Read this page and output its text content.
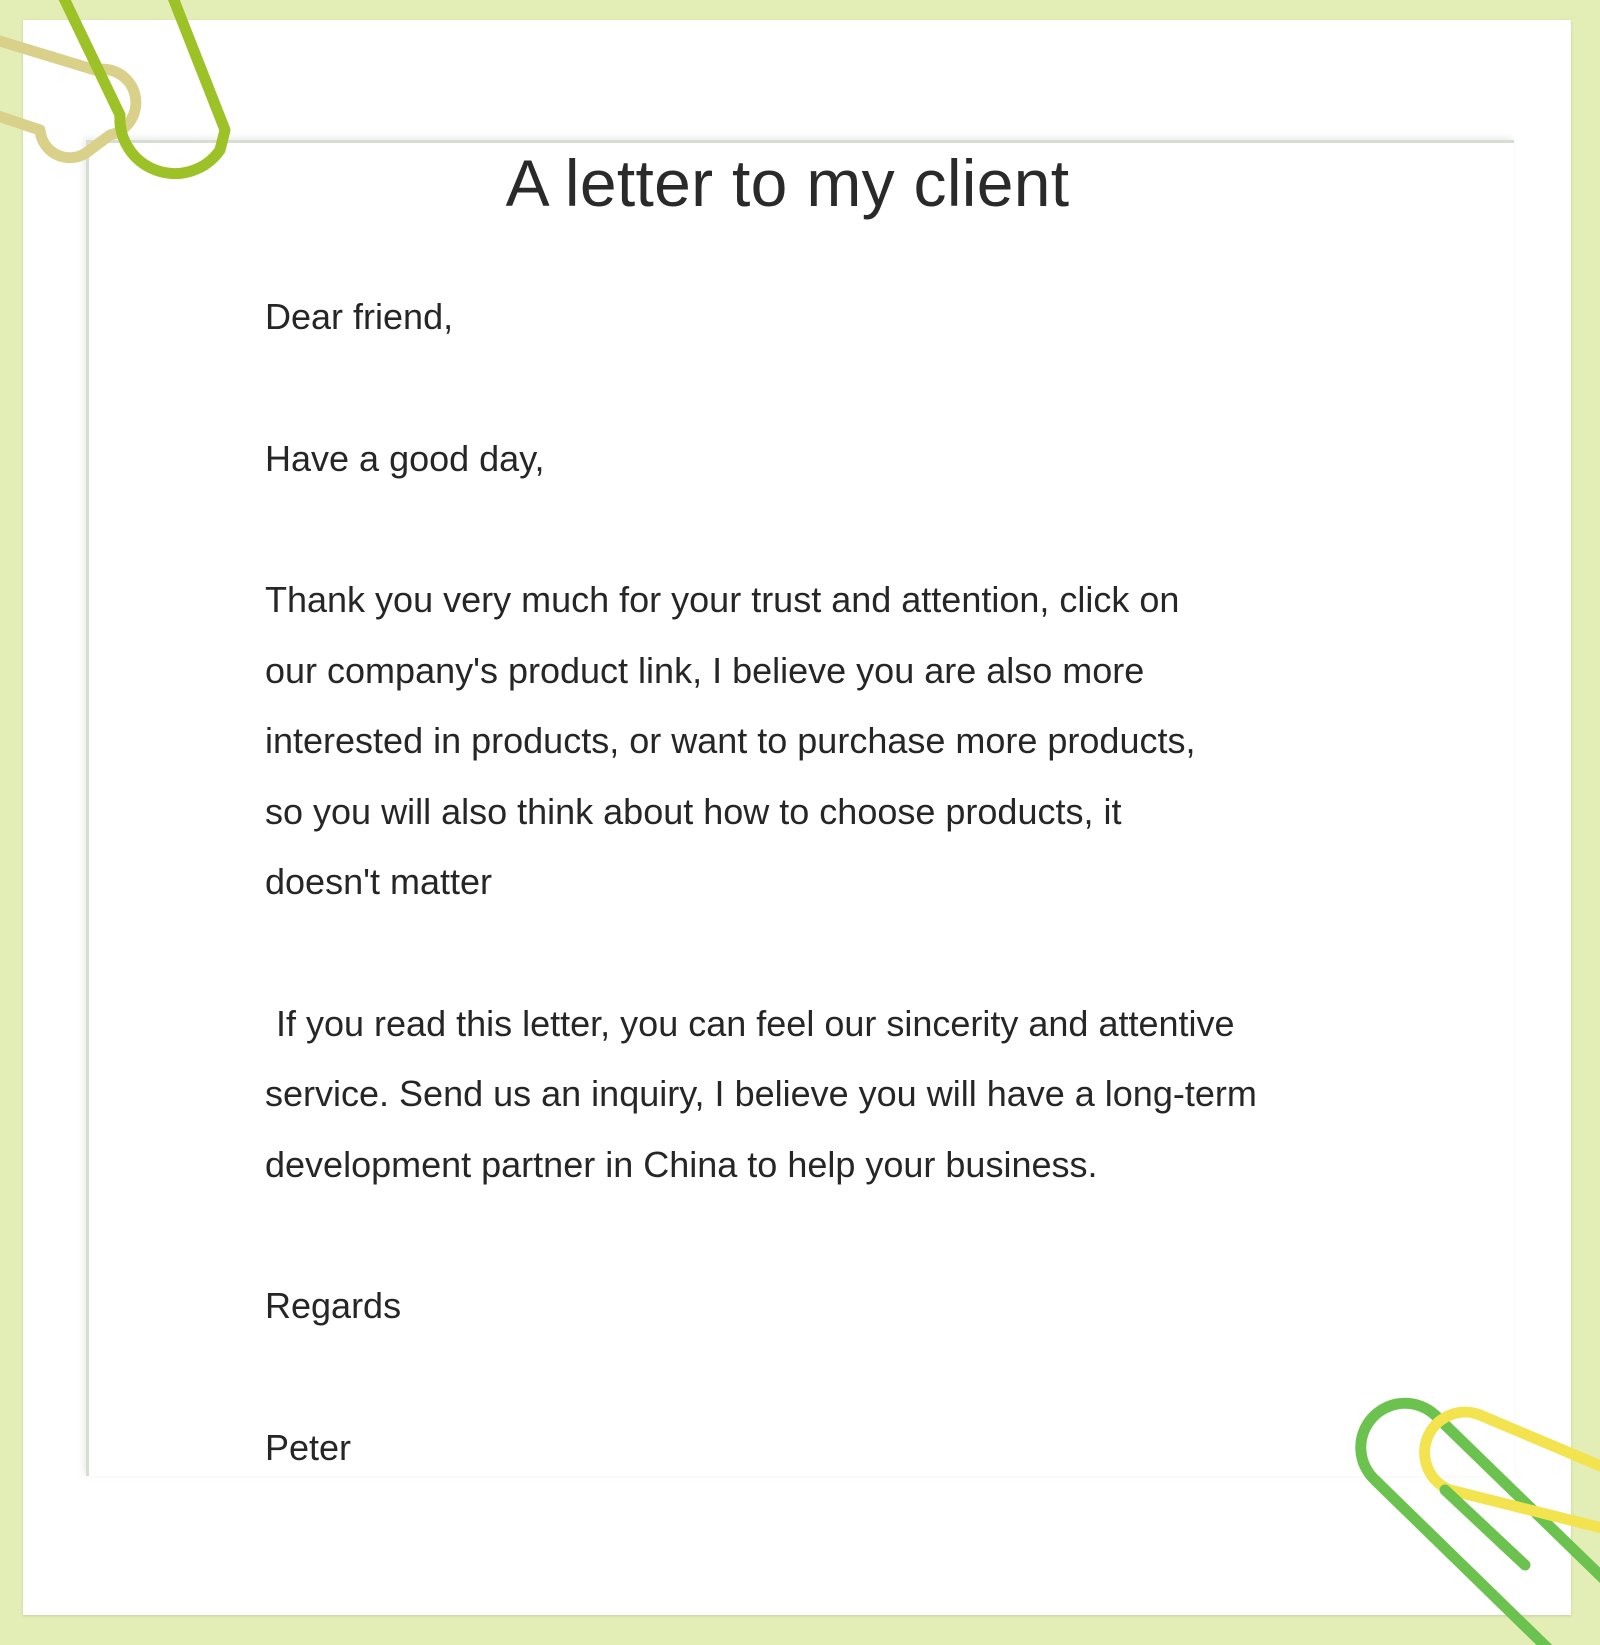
A letter to my client

Dear friend,

Have a good day,

Thank you very much for your trust and attention, click on

our company's product link, I believe you are also more

interested in products, or want to purchase more products,

so you will also think about how to choose products, it

doesn't matter

If you read this letter, you can feel our sincerity and attentive

service. Send us an inquiry, I believe you will have a long-term

development partner in China to help your business.

Regards

Peter
